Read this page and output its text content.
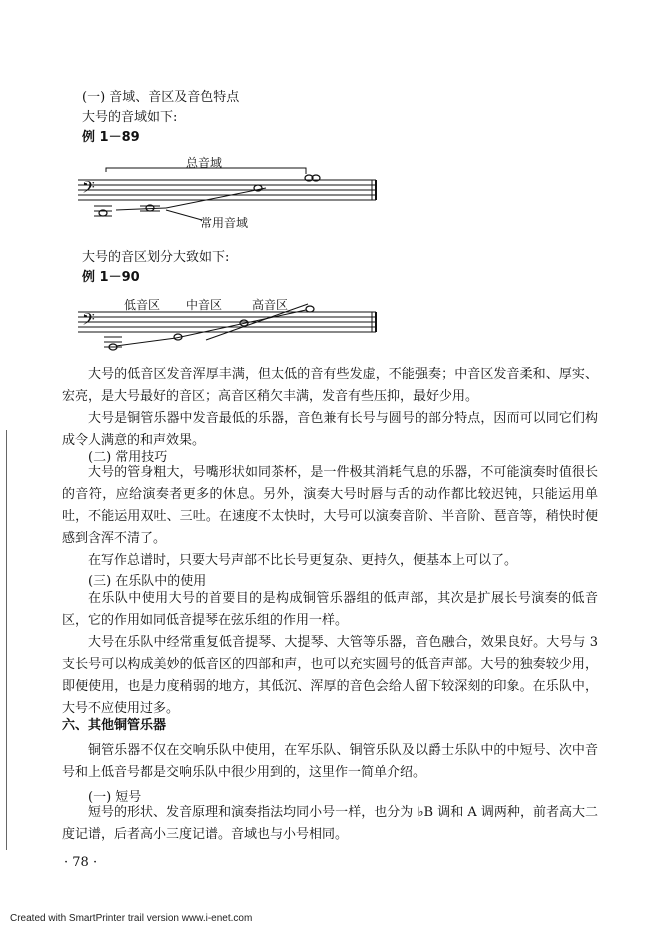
(一) 音域、音区及音色特点
大号的音域如下:
例 1－89
总音域
常用音域
𝄢
大号的音区划分大致如下:
例 1－90
低音区 中音区 高音区
𝄢

大号的低音区发音浑厚丰满，但太低的音有些发虚，不能强奏；中音区发音柔和、厚实、宏亮，是大号最好的音区；高音区稍欠丰满，发音有些压抑，最好少用。

大号是铜管乐器中发音最低的乐器，音色兼有长号与圆号的部分特点，因而可以同它们构成令人满意的和声效果。

(二) 常用技巧

大号的管身粗大，号嘴形状如同茶杯，是一件极其消耗气息的乐器，不可能演奏时值很长的音符，应给演奏者更多的休息。另外，演奏大号时唇与舌的动作都比较迟钝，只能运用单吐，不能运用双吐、三吐。在速度不太快时，大号可以演奏音阶、半音阶、琶音等，稍快时便感到含浑不清了。

在写作总谱时，只要大号声部不比长号更复杂、更持久，便基本上可以了。

(三) 在乐队中的使用

在乐队中使用大号的首要目的是构成铜管乐器组的低声部，其次是扩展长号演奏的低音区，它的作用如同低音提琴在弦乐组的作用一样。

大号在乐队中经常重复低音提琴、大提琴、大管等乐器，音色融合，效果良好。大号与 3 支长号可以构成美妙的低音区的四部和声，也可以充实圆号的低音声部。大号的独奏较少用，即便使用，也是力度稍弱的地方，其低沉、浑厚的音色会给人留下较深刻的印象。在乐队中，大号不应使用过多。

六、其他铜管乐器

铜管乐器不仅在交响乐队中使用，在军乐队、铜管乐队及以爵士乐队中的中短号、次中音号和上低音号都是交响乐队中很少用到的，这里作一简单介绍。

(一) 短号

短号的形状、发音原理和演奏指法均同小号一样，也分为 ♭B 调和 A 调两种，前者高大二度记谱，后者高小三度记谱。音域也与小号相同。

· 78 ·
Created with SmartPrinter trail version www.i-enet.com
